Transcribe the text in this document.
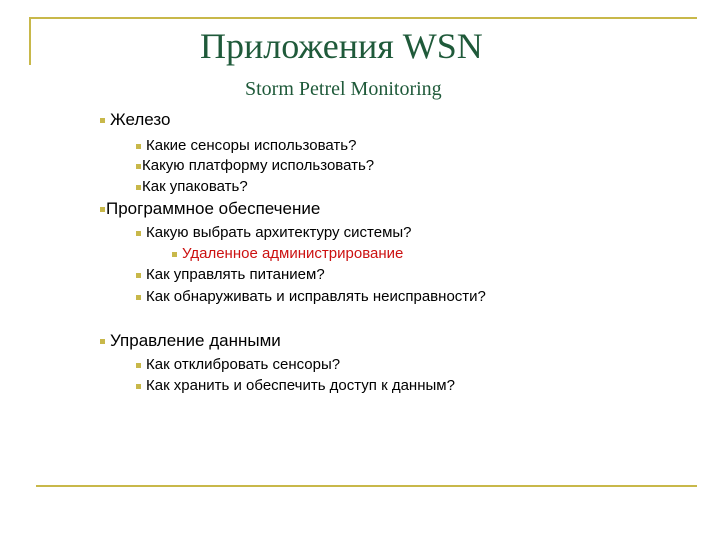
Приложения WSN
Storm Petrel Monitoring
Железо
Какие сенсоры использовать?
Какую платформу использовать?
Как упаковать?
Программное обеспечение
Какую выбрать архитектуру системы?
Удаленное администрирование
Как управлять питанием?
Как обнаруживать и исправлять неисправности?
Управление данными
Как отклибровать сенсоры?
Как хранить и обеспечить доступ к данным?
